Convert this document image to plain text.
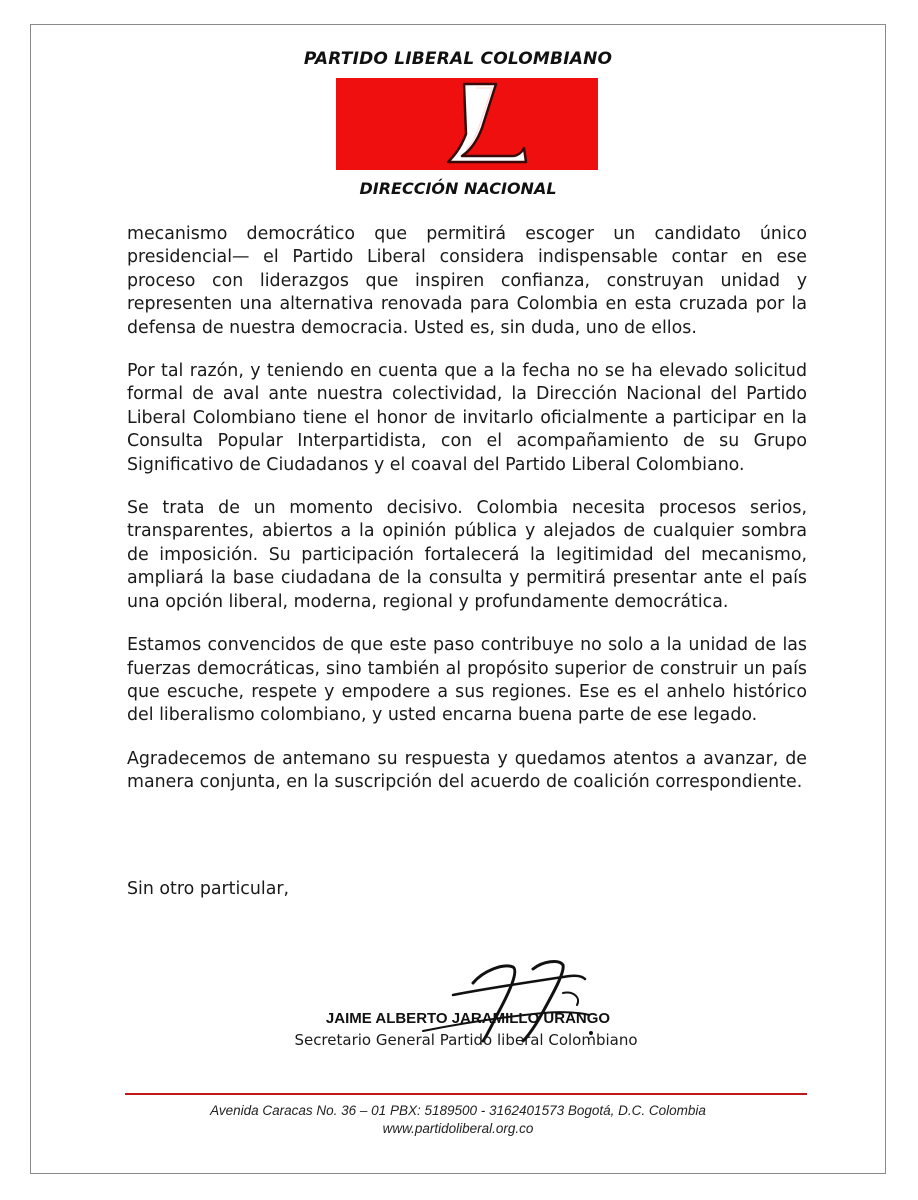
PARTIDO LIBERAL COLOMBIANO
DIRECCIÓN NACIONAL

mecanismo democrático que permitirá escoger un candidato único presidencial— el Partido Liberal considera indispensable contar en ese proceso con liderazgos que inspiren confianza, construyan unidad y representen una alternativa renovada para Colombia en esta cruzada por la defensa de nuestra democracia. Usted es, sin duda, uno de ellos.

Por tal razón, y teniendo en cuenta que a la fecha no se ha elevado solicitud formal de aval ante nuestra colectividad, la Dirección Nacional del Partido Liberal Colombiano tiene el honor de invitarlo oficialmente a participar en la Consulta Popular Interpartidista, con el acompañamiento de su Grupo Significativo de Ciudadanos y el coaval del Partido Liberal Colombiano.

Se trata de un momento decisivo. Colombia necesita procesos serios, transparentes, abiertos a la opinión pública y alejados de cualquier sombra de imposición. Su participación fortalecerá la legitimidad del mecanismo, ampliará la base ciudadana de la consulta y permitirá presentar ante el país una opción liberal, moderna, regional y profundamente democrática.

Estamos convencidos de que este paso contribuye no solo a la unidad de las fuerzas democráticas, sino también al propósito superior de construir un país que escuche, respete y empodere a sus regiones. Ese es el anhelo histórico del liberalismo colombiano, y usted encarna buena parte de ese legado.

Agradecemos de antemano su respuesta y quedamos atentos a avanzar, de manera conjunta, en la suscripción del acuerdo de coalición correspondiente.

Sin otro particular,
JAIME ALBERTO JARAMILLO URANGO
Secretario General Partido liberal Colombiano
Avenida Caracas No. 36 – 01 PBX: 5189500 - 3162401573 Bogotá, D.C. Colombia
www.partidoliberal.org.co
